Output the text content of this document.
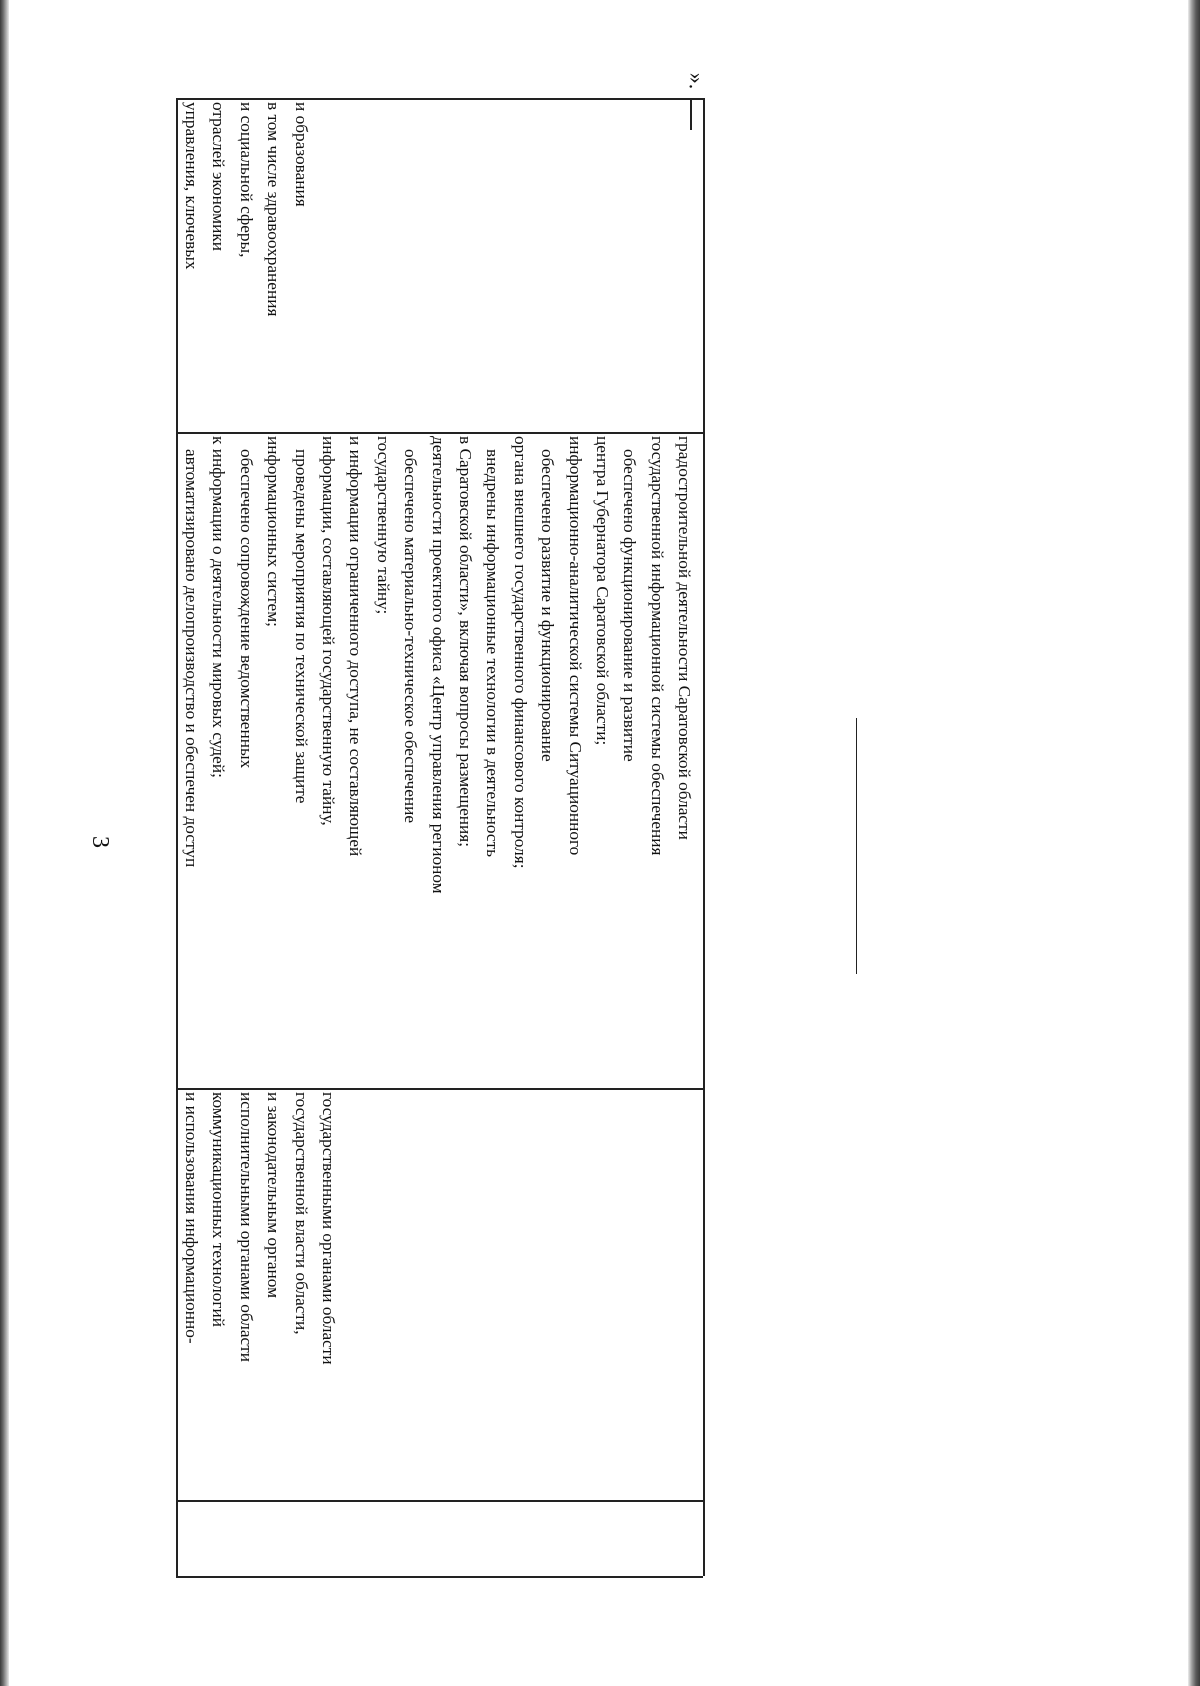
3
и использования информационно- коммуникационных технологий исполнительными органами области и законодательным органом государственной власти области, государственными органами области
автоматизировано делопроизводство и обеспечен доступ к информации о деятельности мировых судей; обеспечено сопровождение ведомственных информационных систем; проведены мероприятия по технической защите информации, составляющей государственную тайну, и информации ограниченного доступа, не составляющей государственную тайну; обеспечено материально-техническое обеспечение деятельности проектного офиса «Центр управления регионом в Саратовской области», включая вопросы размещения; внедрены информационные технологии в деятельность органа внешнего государственного финансового контроля; обеспечено развитие и функционирование информационно-аналитической системы Ситуационного центра Губернатора Саратовской области; обеспечено функционирование и развитие государственной информационной системы обеспечения градостроительной деятельности Саратовской области
управления, ключевых отраслей экономики и социальной сферы, в том числе здравоохранения и образования
».
